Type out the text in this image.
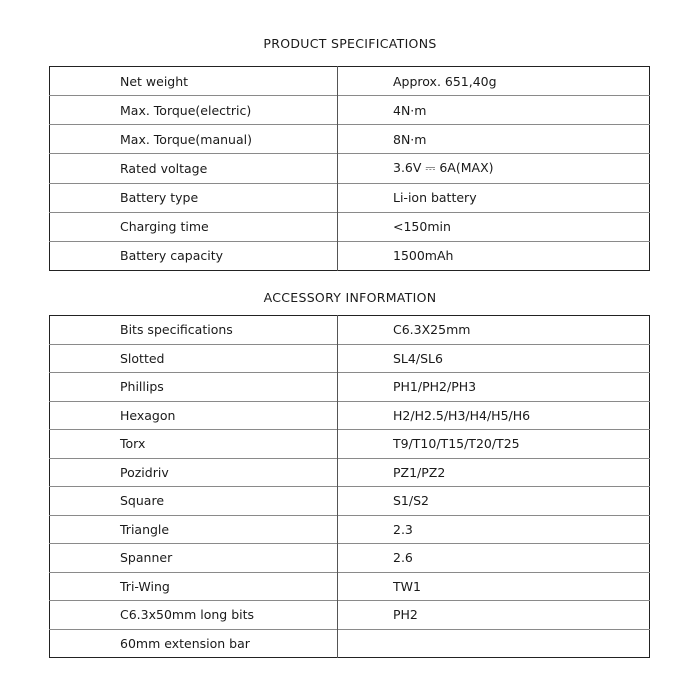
PRODUCT SPECIFICATIONS
Net weight	Approx. 651,40g
Max. Torque(electric)	4N·m
Max. Torque(manual)	8N·m
Rated voltage	3.6V ⎓ 6A(MAX)
Battery type	Li-ion battery
Charging time	<150min
Battery capacity	1500mAh
ACCESSORY INFORMATION
Bits specifications	C6.3X25mm
Slotted	SL4/SL6
Phillips	PH1/PH2/PH3
Hexagon	H2/H2.5/H3/H4/H5/H6
Torx	T9/T10/T15/T20/T25
Pozidriv	PZ1/PZ2
Square	S1/S2
Triangle	2.3
Spanner	2.6
Tri-Wing	TW1
C6.3x50mm long bits	PH2
60mm extension bar	
